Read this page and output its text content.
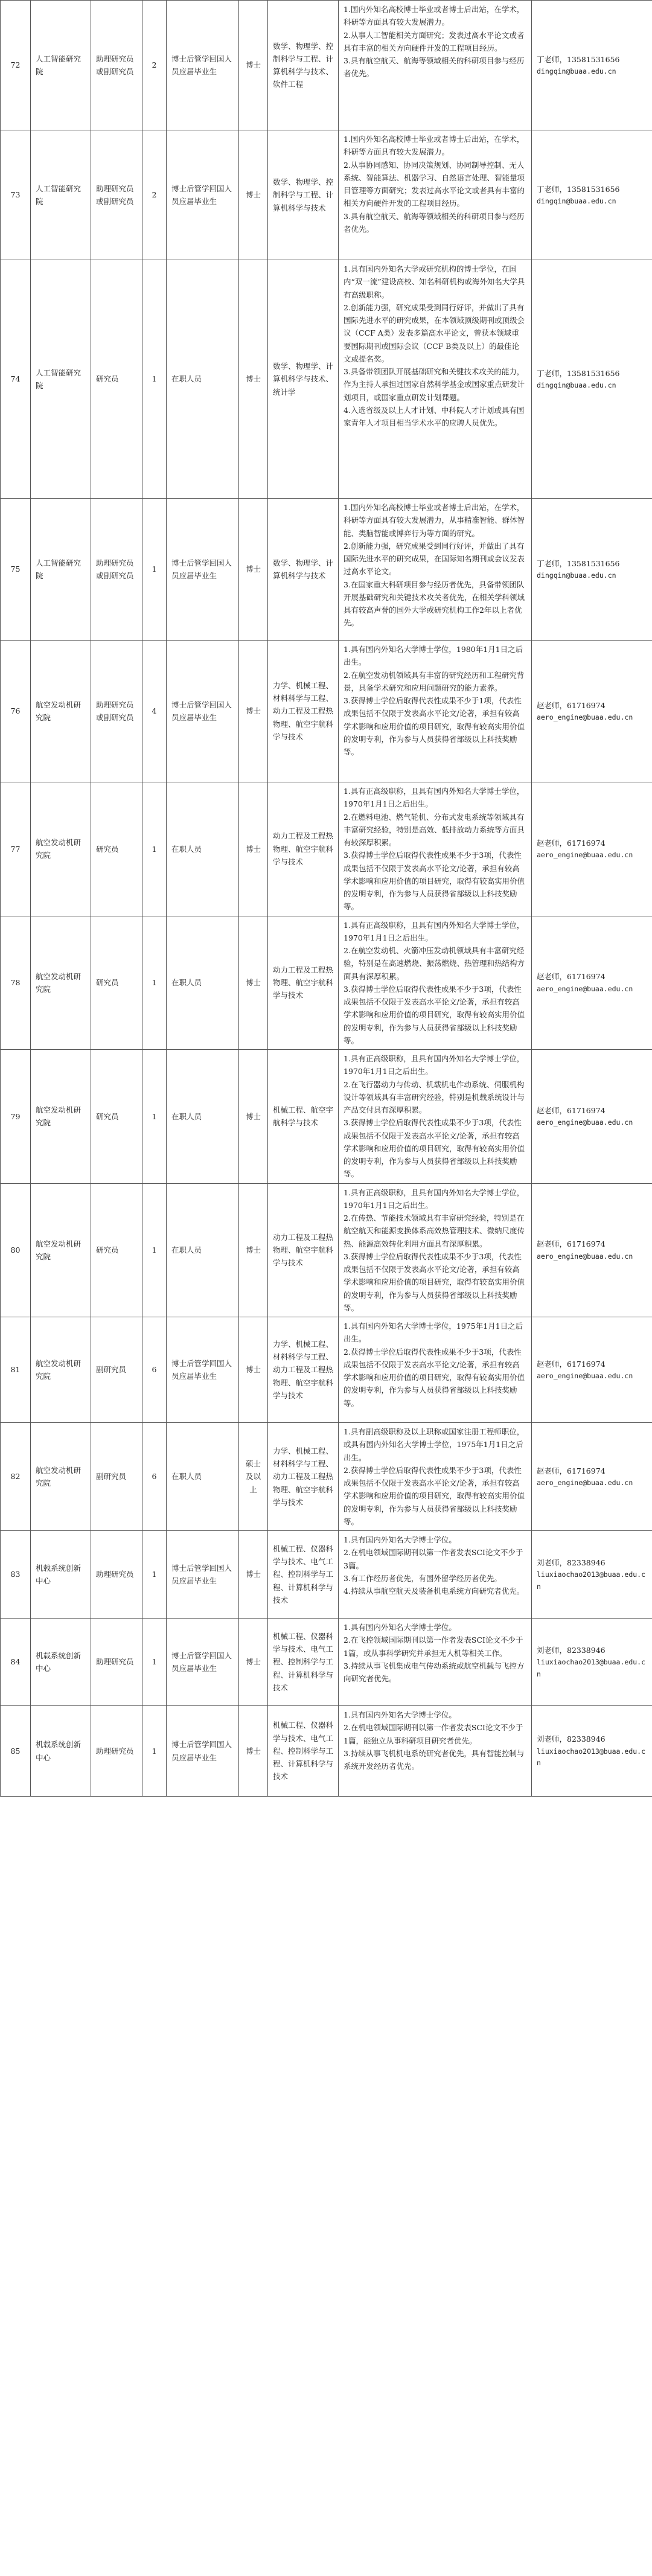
72	人工智能研究院	助理研究员或副研究员	2	博士后管学回国人员应届毕业生	博士	数学、物理学、控制科学与工程、计算机科学与技术、软件工程	1.国内外知名高校博士毕业或者博士后出站，在学术，科研等方面具有较大发展潜力。
2.从事人工智能相关方面研究；发表过高水平论文或者具有丰富的相关方向硬件开发的工程项目经历。
3.具有航空航天、航海等领域相关的科研项目参与经历者优先。	丁老师，13581531656
dingqin@buaa.edu.cn

73	人工智能研究院	助理研究员或副研究员	2	博士后管学回国人员应届毕业生	博士	数学、物理学、控制科学与工程、计算机科学与技术	1.国内外知名高校博士毕业或者博士后出站，在学术，科研等方面具有较大发展潜力。
2.从事协同感知、协同决策规划、协同制导控制、无人系统、智能算法、机器学习、自然语言处理、智能量项目管理等方面研究；发表过高水平论文或者具有丰富的相关方向硬件开发的工程项目经历。
3.具有航空航天、航海等领域相关的科研项目参与经历者优先。	丁老师，13581531656
dingqin@buaa.edu.cn

74	人工智能研究院	研究员	1	在职人员	博士	数学、物理学、计算机科学与技术、统计学	1.具有国内外知名大学或研究机构的博士学位，在国内“双一流”建设高校、知名科研机构或海外知名大学具有高级职称。
2.创新能力强，研究成果受到同行好评，并做出了具有国际先进水平的研究成果，在本领域顶级期刊或顶级会议（CCF A类）发表多篇高水平论文，曾获本领域重要国际期刊或国际会议（CCF B类及以上）的最佳论文或提名奖。
3.具备带领团队开展基础研究和关键技术攻关的能力，作为主持人承担过国家自然科学基金或国家重点研发计划项目，或国家重点研发计划课题。
4.入选省级及以上人才计划、中科院人才计划或具有国家青年人才项目相当学术水平的应聘人员优先。	丁老师，13581531656
dingqin@buaa.edu.cn

75	人工智能研究院	助理研究员或副研究员	1	博士后管学回国人员应届毕业生	博士	数学、物理学、计算机科学与技术	1.国内外知名高校博士毕业或者博士后出站，在学术，科研等方面具有较大发展潜力，从事精准智能、群体智能、类脑智能或博弈行为等方面的研究。
2.创新能力强，研究成果受到同行好评，并做出了具有国际先进水平的研究成果，在国际知名期刊或会议发表过高水平论文。
3.在国家重大科研项目参与经历者优先，具备带领团队开展基础研究和关键技术攻关者优先，在相关学科领域具有较高声誉的国外大学或研究机构工作2年以上者优先。	丁老师，13581531656
dingqin@buaa.edu.cn

76	航空发动机研究院	助理研究员或副研究员	4	博士后管学回国人员应届毕业生	博士	力学、机械工程、材料科学与工程、动力工程及工程热物理、航空宇航科学与技术	1.具有国内外知名大学博士学位，1980年1月1日之后出生。
2.在航空发动机领域具有丰富的研究经历和工程研究背景，具备学术研究和应用问题研究的能力素养。
3.获得博士学位后取得代表性成果不少于1项，代表性成果包括不仅限于发表高水平论文/论著，承担有较高学术影响和应用价值的项目研究，取得有较高实用价值的发明专利，作为参与人员获得省部级以上科技奖励等。	赵老师，61716974
aero_engine@buaa.edu.cn

77	航空发动机研究院	研究员	1	在职人员	博士	动力工程及工程热物理、航空宇航科学与技术	1.具有正高级职称，且具有国内外知名大学博士学位，1970年1月1日之后出生。
2.在燃料电池、燃气轮机、分布式发电系统等领域具有丰富研究经验，特别是高效、低排放动力系统等方面具有较深厚积累。
3.获得博士学位后取得代表性成果不少于3项，代表性成果包括不仅限于发表高水平论文/论著，承担有较高学术影响和应用价值的项目研究，取得有较高实用价值的发明专利，作为参与人员获得省部级以上科技奖励等。	赵老师，61716974
aero_engine@buaa.edu.cn

78	航空发动机研究院	研究员	1	在职人员	博士	动力工程及工程热物理、航空宇航科学与技术	1.具有正高级职称，且具有国内外知名大学博士学位，1970年1月1日之后出生。
2.在航空发动机、火箭冲压发动机领域具有丰富研究经验，特别是在高速燃烧、振荡燃烧、热管理和热结构方面具有深厚积累。
3.获得博士学位后取得代表性成果不少于3项，代表性成果包括不仅限于发表高水平论文/论著，承担有较高学术影响和应用价值的项目研究，取得有较高实用价值的发明专利，作为参与人员获得省部级以上科技奖励等。	赵老师，61716974
aero_engine@buaa.edu.cn

79	航空发动机研究院	研究员	1	在职人员	博士	机械工程、航空宇航科学与技术	1.具有正高级职称，且具有国内外知名大学博士学位，1970年1月1日之后出生。
2.在飞行器动力与传动、机载机电作动系统、伺服机构设计等领域具有丰富研究经验，特别是机载系统设计与产品交付具有深厚积累。
3.获得博士学位后取得代表性成果不少于3项，代表性成果包括不仅限于发表高水平论文/论著，承担有较高学术影响和应用价值的项目研究，取得有较高实用价值的发明专利，作为参与人员获得省部级以上科技奖励等。	赵老师，61716974
aero_engine@buaa.edu.cn

80	航空发动机研究院	研究员	1	在职人员	博士	动力工程及工程热物理、航空宇航科学与技术	1.具有正高级职称，且具有国内外知名大学博士学位，1970年1月1日之后出生。
2.在传热、节能技术领域具有丰富研究经验，特别是在航空航天和能源变换体系高效热管理技术、微纳尺度传热、能源高效转化利用方面具有深厚积累。
3.获得博士学位后取得代表性成果不少于3项，代表性成果包括不仅限于发表高水平论文/论著，承担有较高学术影响和应用价值的项目研究，取得有较高实用价值的发明专利，作为参与人员获得省部级以上科技奖励等。	赵老师，61716974
aero_engine@buaa.edu.cn

81	航空发动机研究院	副研究员	6	博士后管学回国人员应届毕业生	博士	力学、机械工程、材料科学与工程、动力工程及工程热物理、航空宇航科学与技术	1.具有国内外知名大学博士学位，1975年1月1日之后出生。
2.获得博士学位后取得代表性成果不少于3项，代表性成果包括不仅限于发表高水平论文/论著，承担有较高学术影响和应用价值的项目研究，取得有较高实用价值的发明专利，作为参与人员获得省部级以上科技奖励等。	赵老师，61716974
aero_engine@buaa.edu.cn

82	航空发动机研究院	副研究员	6	在职人员	硕士及以上	力学、机械工程、材料科学与工程、动力工程及工程热物理、航空宇航科学与技术	1.具有副高级职称及以上职称或国家注册工程师职位，或具有国内外知名大学博士学位，1975年1月1日之后出生。
2.获得博士学位后取得代表性成果不少于3项，代表性成果包括不仅限于发表高水平论文/论著，承担有较高学术影响和应用价值的项目研究，取得有较高实用价值的发明专利，作为参与人员获得省部级以上科技奖励等。	赵老师，61716974
aero_engine@buaa.edu.cn

83	机载系统创新中心	助理研究员	1	博士后管学回国人员应届毕业生	博士	机械工程、仪器科学与技术、电气工程、控制科学与工程、计算机科学与技术	1.具有国内外知名大学博士学位。
2.在机电领域国际期刊以第一作者发表SCI论文不少于3篇。
3.有工作经历者优先，有国外留学经历者优先。
4.持续从事航空航天及装备机电系统方向研究者优先。	刘老师，82338946
liuxiaochao2013@buaa.edu.cn

84	机载系统创新中心	助理研究员	1	博士后管学回国人员应届毕业生	博士	机械工程、仪器科学与技术、电气工程、控制科学与工程、计算机科学与技术	1.具有国内外知名大学博士学位。
2.在飞控领域国际期刊以第一作者发表SCI论文不少于1篇，或从事科学研究并承担无人机等相关工作。
3.持续从事飞机集成电气传动系统或航空机载与飞控方向研究者优先。	刘老师，82338946
liuxiaochao2013@buaa.edu.cn

85	机载系统创新中心	助理研究员	1	博士后管学回国人员应届毕业生	博士	机械工程、仪器科学与技术、电气工程、控制科学与工程、计算机科学与技术	1.具有国内外知名大学博士学位。
2.在机电领域国际期刊以第一作者发表SCI论文不少于1篇，能独立从事科研项目研究者优先。
3.持续从事飞机机电系统研究者优先，具有智能控制与系统开发经历者优先。	刘老师，82338946
liuxiaochao2013@buaa.edu.cn
